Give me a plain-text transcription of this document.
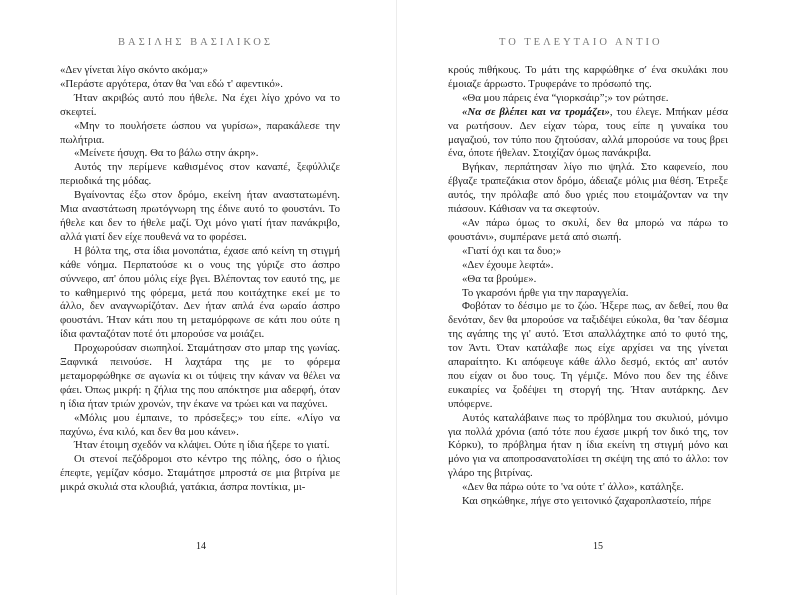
ΒΑΣΙΛΗΣ ΒΑΣΙΛΙΚΟΣ

«Δεν γίνεται λίγο σκόντο ακόμα;»

«Περάστε αργότερα, όταν θα 'ναι εδώ τ' αφεντικό».

Ήταν ακριβώς αυτό που ήθελε. Να έχει λίγο χρόνο να το σκεφτεί.

«Μην το πουλήσετε ώσπου να γυρίσω», παρακάλεσε την πωλήτρια.

«Μείνετε ήσυχη. Θα το βάλω στην άκρη».

Αυτός την περίμενε καθισμένος στον καναπέ, ξεφύλλιζε περιοδικά της μόδας.

Βγαίνοντας έξω στον δρόμο, εκείνη ήταν αναστατωμένη. Μια αναστάτωση πρωτόγνωρη της έδινε αυτό το φουστάνι. Το ήθελε και δεν το ήθελε μαζί. Όχι μόνο γιατί ήταν πανάκριβο, αλλά γιατί δεν είχε πουθενά να το φορέσει.

Η βόλτα της, στα ίδια μονοπάτια, έχασε από κείνη τη στιγμή κάθε νόημα. Περπατούσε κι ο νους της γύριζε στο άσπρο σύννεφο, απ' όπου μόλις είχε βγει. Βλέποντας τον εαυτό της, με το καθημερινό της φόρεμα, μετά που κοιτάχτηκε εκεί με το άλλο, δεν αναγνωρίζόταν. Δεν ήταν απλά ένα ωραίο άσπρο φουστάνι. Ήταν κάτι που τη μεταμόρφωνε σε κάτι που ούτε η ίδια φανταζόταν ποτέ ότι μπορούσε να μοιάζει.

Προχωρούσαν σιωπηλοί. Σταμάτησαν στο μπαρ της γωνίας. Ξαφνικά πεινούσε. Η λαχτάρα της με το φόρεμα μεταμορφώθηκε σε αγωνία κι οι τύψεις την κάναν να θέλει να φάει. Όπως μικρή: η ζήλια της που απόκτησε μια αδερφή, όταν η ίδια ήταν τριών χρονών, την έκανε να τρώει και να παχύνει.

«Μόλις μου έμπαινε, το πρόσεξες;» του είπε. «Λίγο να παχύνω, ένα κιλό, και δεν θα μου κάνει».

Ήταν έτοιμη σχεδόν να κλάψει. Ούτε η ίδια ήξερε το γιατί.

Οι στενοί πεζόδρομοι στο κέντρο της πόλης, όσο ο ήλιος έπεφτε, γεμίζαν κόσμο. Σταμάτησε μπροστά σε μια βιτρίνα με μικρά σκυλιά στα κλουβιά, γατάκια, άσπρα ποντίκια, μι-

14
ΤΟ ΤΕΛΕΥΤΑΙΟ ΑΝΤΙΟ

κρούς πιθήκους. Το μάτι της καρφώθηκε σ' ένα σκυλάκι που έμοιαζε άρρωστο. Τρυφεράνε το πρόσωπό της.

«Θα μου πάρεις ένα “γιορκσάιρ”;» τον ρώτησε.

«Να σε βλέπει και να τρομάζει», του έλεγε. Μπήκαν μέσα να ρωτήσουν. Δεν είχαν τώρα, τους είπε η γυναίκα του μαγαζιού, τον τύπο που ζητούσαν, αλλά μπορούσε να τους βρει ένα, όποτε ήθελαν. Στοιχίζαν όμως πανάκριβα.

Βγήκαν, περπάτησαν λίγο πιο ψηλά. Στο καφενείο, που έβγαζε τραπεζάκια στον δρόμο, άδειαζε μόλις μια θέση. Έτρεξε αυτός, την πρόλαβε από δυο γριές που ετοιμάζονταν να την πιάσουν. Κάθισαν να τα σκεφτούν.

«Αν πάρω όμως το σκυλί, δεν θα μπορώ να πάρω το φουστάνι», συμπέρανε μετά από σιωπή.

«Γιατί όχι και τα δυο;»

«Δεν έχουμε λεφτά».

«Θα τα βρούμε».

Το γκαρσόνι ήρθε για την παραγγελία.

Φοβόταν το δέσιμο με το ζώο. Ήξερε πως, αν δεθεί, που θα δενόταν, δεν θα μπορούσε να ταξιδέψει εύκολα, θα 'ταν δέσμια της αγάπης της γι' αυτό. Έτσι απαλλάχτηκε από το φυτό της, τον Άντι. Όταν κατάλαβε πως είχε αρχίσει να της γίνεται απαραίτητο. Κι απόφευγε κάθε άλλο δεσμό, εκτός απ' αυτόν που είχαν οι δυο τους. Τη γέμιζε. Μόνο που δεν της έδινε ευκαιρίες να ξοδέψει τη στοργή της. Ήταν αυτάρκης. Δεν υπόφερνε.

Αυτός καταλάβαινε πως το πρόβλημα του σκυλιού, μόνιμο για πολλά χρόνια (από τότε που έχασε μικρή τον δικό της, τον Κόρκυ), το πρόβλημα ήταν η ίδια εκείνη τη στιγμή μόνο και μόνο για να αποπροσανατολίσει τη σκέψη της από το άλλο: τον γλάρο της βιτρίνας.

«Δεν θα πάρω ούτε το 'να ούτε τ' άλλο», κατάληξε.

Και σηκώθηκε, πήγε στο γειτονικό ζαχαροπλαστείο, πήρε

15
